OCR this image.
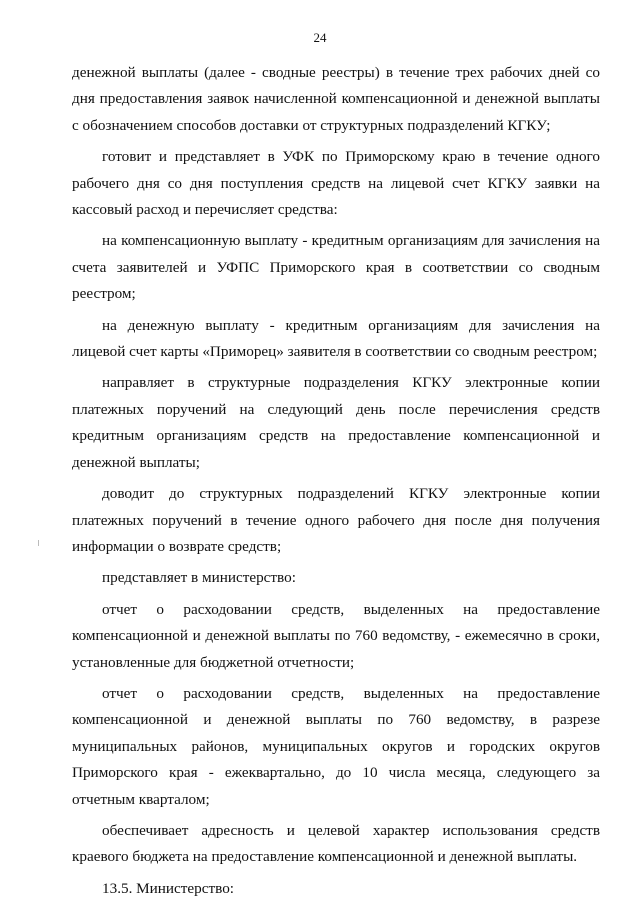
24

денежной выплаты (далее - сводные реестры) в течение трех рабочих дней со дня предоставления заявок начисленной компенсационной и денежной выплаты с обозначением способов доставки от структурных подразделений КГКУ;

готовит и представляет в УФК по Приморскому краю в течение одного рабочего дня со дня поступления средств на лицевой счет КГКУ заявки на кассовый расход и перечисляет средства:

на компенсационную выплату - кредитным организациям для зачисления на счета заявителей и УФПС Приморского края в соответствии со сводным реестром;

на денежную выплату - кредитным организациям для зачисления на лицевой счет карты «Приморец» заявителя в соответствии со сводным реестром;

направляет в структурные подразделения КГКУ электронные копии платежных поручений на следующий день после перечисления средств кредитным организациям средств на предоставление компенсационной и денежной выплаты;

доводит до структурных подразделений КГКУ электронные копии платежных поручений в течение одного рабочего дня после дня получения информации о возврате средств;

представляет в министерство:

отчет о расходовании средств, выделенных на предоставление компенсационной и денежной выплаты по 760 ведомству, - ежемесячно в сроки, установленные для бюджетной отчетности;

отчет о расходовании средств, выделенных на предоставление компенсационной и денежной выплаты по 760 ведомству, в разрезе муниципальных районов, муниципальных округов и городских округов Приморского края - ежеквартально, до 10 числа месяца, следующего за отчетным кварталом;

обеспечивает адресность и целевой характер использования средств краевого бюджета на предоставление компенсационной и денежной выплаты.

13.5. Министерство:
